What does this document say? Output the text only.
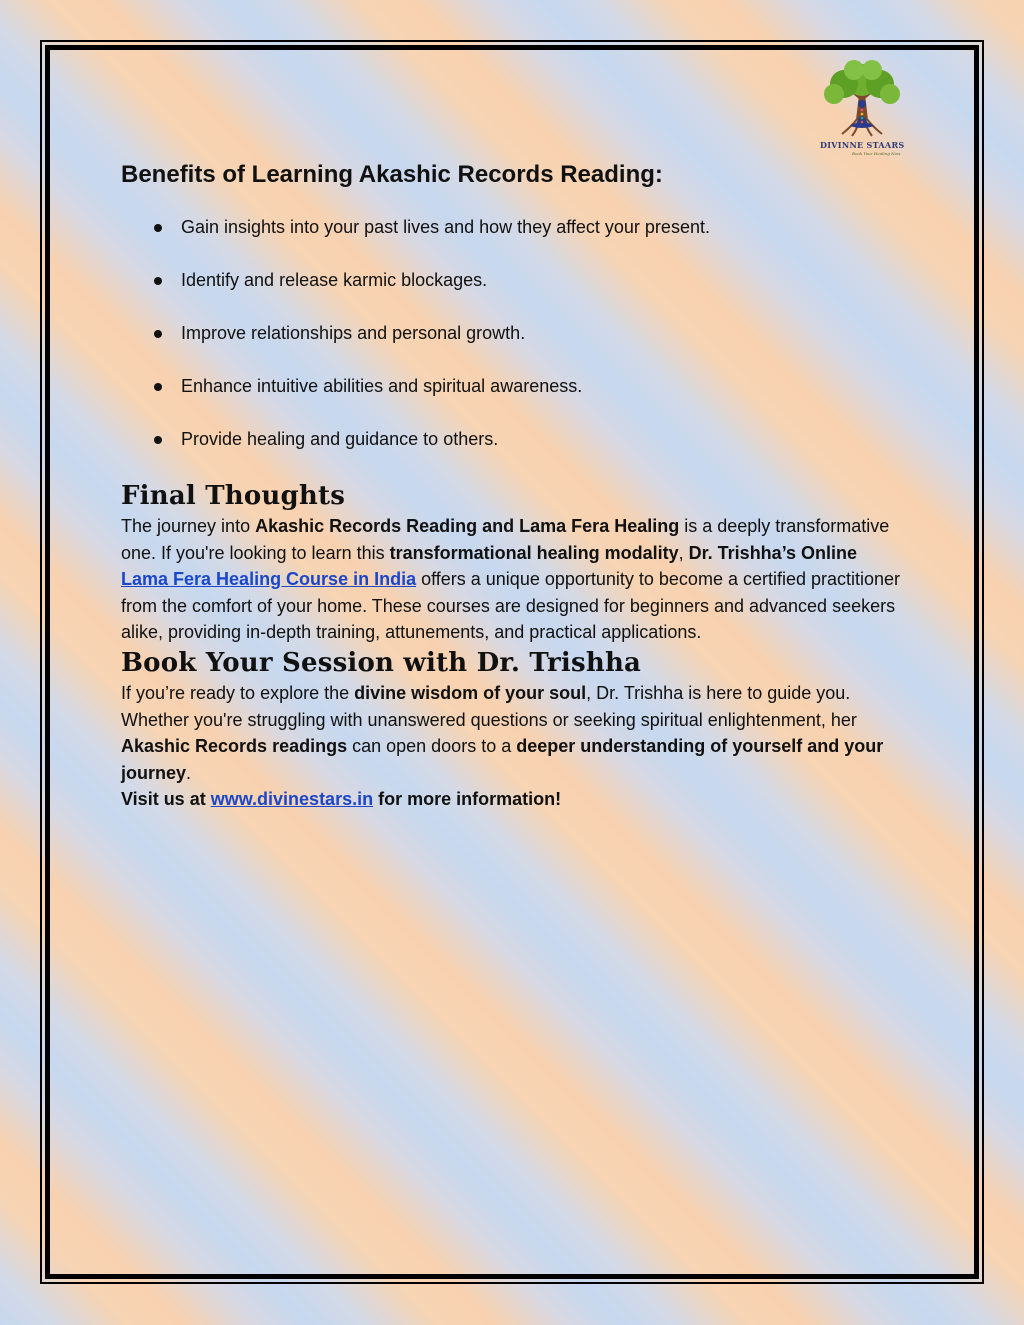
DIVINNE STAARS
Book Your Healing Now
Benefits of Learning Akashic Records Reading:
Gain insights into your past lives and how they affect your present.
Identify and release karmic blockages.
Improve relationships and personal growth.
Enhance intuitive abilities and spiritual awareness.
Provide healing and guidance to others.
Final Thoughts

The journey into Akashic Records Reading and Lama Fera Healing is a deeply transformative one. If you're looking to learn this transformational healing modality, Dr. Trishha’s Online Lama Fera Healing Course in India offers a unique opportunity to become a certified practitioner from the comfort of your home. These courses are designed for beginners and advanced seekers alike, providing in-depth training, attunements, and practical applications.

Book Your Session with Dr. Trishha

If you’re ready to explore the divine wisdom of your soul, Dr. Trishha is here to guide you. Whether you're struggling with unanswered questions or seeking spiritual enlightenment, her Akashic Records readings can open doors to a deeper understanding of yourself and your journey.

Visit us at www.divinestars.in for more information!
